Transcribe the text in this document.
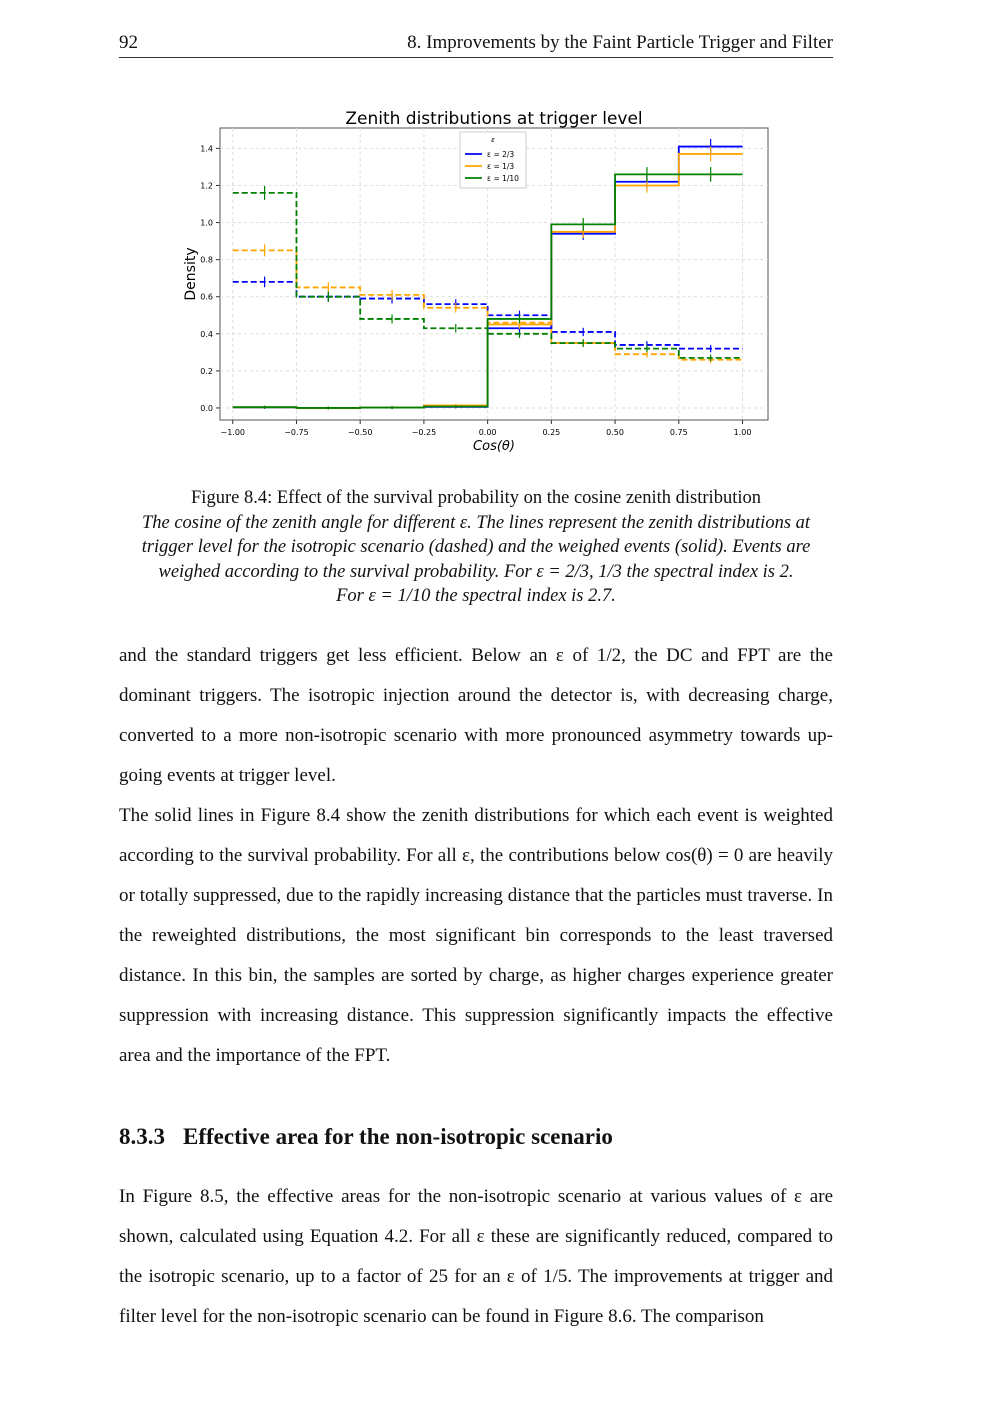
92	8. Improvements by the Faint Particle Trigger and Filter
−1.00	−0.75	−0.50	−0.25	0.00	0.25	0.50	0.75	1.00
0.0
0.2
0.4
0.6
0.8
1.0
1.2
1.4
Zenith distributions at trigger level
Cos(θ)
Density
ε
ε = 2/3
ε = 1/3
ε = 1/10
Figure 8.4: Effect of the survival probability on the cosine zenith distribution
The cosine of the zenith angle for different ε. The lines represent the zenith distributions at
trigger level for the isotropic scenario (dashed) and the weighed events (solid). Events are
weighed according to the survival probability. For ε = 2/3, 1/3 the spectral index is 2.
For ε = 1/10 the spectral index is 2.7.

and the standard triggers get less efficient. Below an ε of 1/2, the DC and FPT are the dominant triggers. The isotropic injection around the detector is, with decreasing charge, converted to a more non-isotropic scenario with more pronounced asymmetry towards up-going events at trigger level.

The solid lines in Figure 8.4 show the zenith distributions for which each event is weighted according to the survival probability. For all ε, the contributions below cos(θ) = 0 are heavily or totally suppressed, due to the rapidly increasing distance that the particles must traverse. In the reweighted distributions, the most significant bin corresponds to the least traversed distance. In this bin, the samples are sorted by charge, as higher charges experience greater suppression with increasing distance. This suppression significantly impacts the effective area and the importance of the FPT.

8.3.3 Effective area for the non-isotropic scenario

In Figure 8.5, the effective areas for the non-isotropic scenario at various values of ε are shown, calculated using Equation 4.2. For all ε these are significantly reduced, compared to the isotropic scenario, up to a factor of 25 for an ε of 1/5. The improvements at trigger and filter level for the non-isotropic scenario can be found in Figure 8.6. The comparison
